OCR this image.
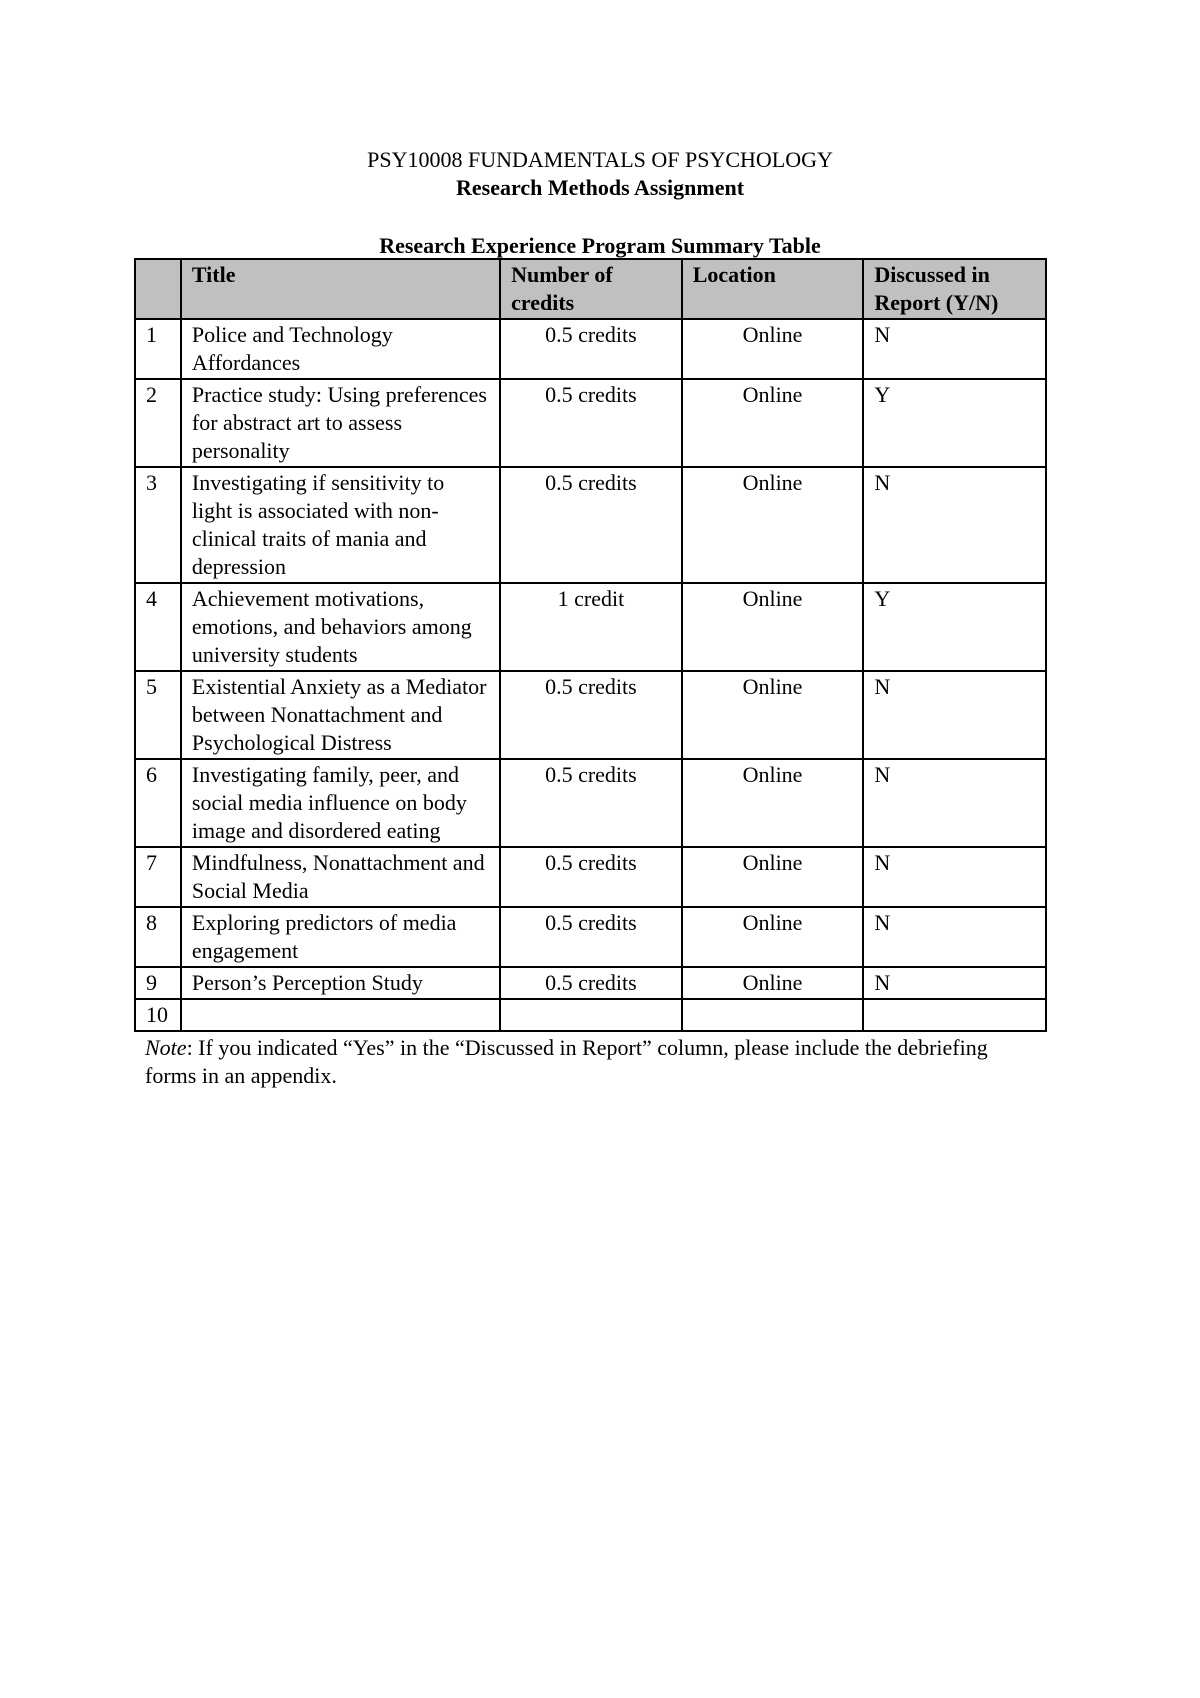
PSY10008 FUNDAMENTALS OF PSYCHOLOGY
Research Methods Assignment
Research Experience Program Summary Table
	Title	Number of credits	Location	Discussed in Report (Y/N)
1	Police and Technology Affordances	0.5 credits	Online	N
2	Practice study: Using preferences for abstract art to assess personality	0.5 credits	Online	Y
3	Investigating if sensitivity to light is associated with non-clinical traits of mania and depression	0.5 credits	Online	N
4	Achievement motivations, emotions, and behaviors among university students	1 credit	Online	Y
5	Existential Anxiety as a Mediator between Nonattachment and Psychological Distress	0.5 credits	Online	N
6	Investigating family, peer, and social media influence on body image and disordered eating	0.5 credits	Online	N
7	Mindfulness, Nonattachment and Social Media	0.5 credits	Online	N
8	Exploring predictors of media engagement	0.5 credits	Online	N
9	Person’s Perception Study	0.5 credits	Online	N
10				
Note: If you indicated “Yes” in the “Discussed in Report” column, please include the debriefing forms in an appendix.
